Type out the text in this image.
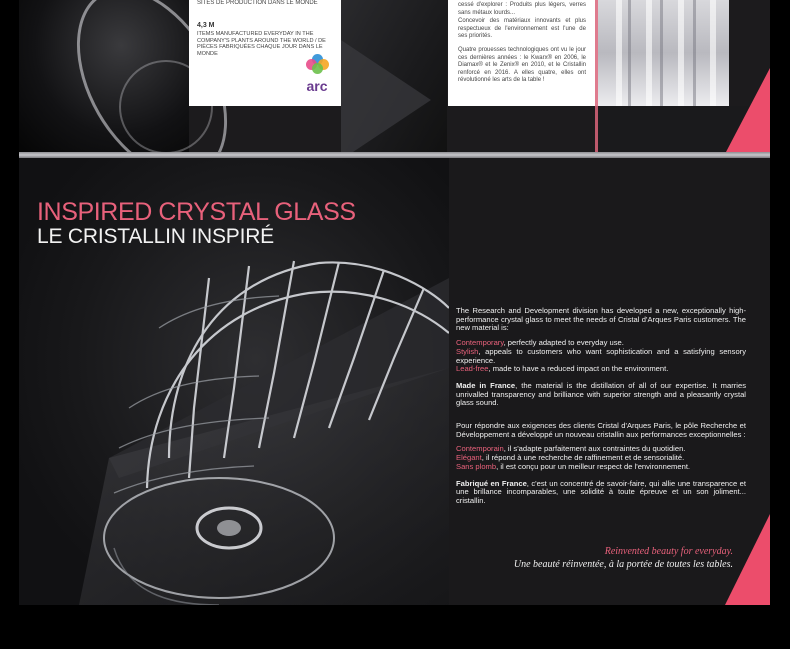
SITES DE PRODUCTION DANS LE MONDE
4,3 M
ITEMS MANUFACTURED EVERYDAY IN THE COMPANY'S PLANTS AROUND THE WORLD / DE PIÈCES FABRIQUÉES CHAQUE JOUR DANS LE MONDE
arc

cessé d'explorer : Produits plus légers, verres sans métaux lourds...

Concevoir des matériaux innovants et plus respectueux de l'environnement est l'une de ses priorités.

Quatre prouesses technologiques ont vu le jour ces dernières années : le Kwarx® en 2006, le Diamax® et le Zenix® en 2010, et le Cristallin renforcé en 2016. A elles quatre, elles ont révolutionné les arts de la table !

INSPIRED CRYSTAL GLASS
LE CRISTALLIN INSPIRÉ

The Research and Development division has developed a new, exceptionally high-performance crystal glass to meet the needs of Cristal d'Arques Paris customers. The new material is:

Contemporary, perfectly adapted to everyday use.
Stylish, appeals to customers who want sophistication and a satisfying sensory experience.
Lead-free, made to have a reduced impact on the environment.

Made in France, the material is the distillation of all of our expertise. It marries unrivalled transparency and brilliance with superior strength and a pleasantly crystal glass sound.

Pour répondre aux exigences des clients Cristal d'Arques Paris, le pôle Recherche et Développement a développé un nouveau cristallin aux performances exceptionnelles :

Contemporain, il s'adapte parfaitement aux contraintes du quotidien.
Elégant, il répond à une recherche de raffinement et de sensorialité.
Sans plomb, il est conçu pour un meilleur respect de l'environnement.

Fabriqué en France, c'est un concentré de savoir-faire, qui allie une transparence et une brillance incomparables, une solidité à toute épreuve et un son joliment... cristallin.

Reinvented beauty for everyday.
Une beauté réinventée, à la portée de toutes les tables.
